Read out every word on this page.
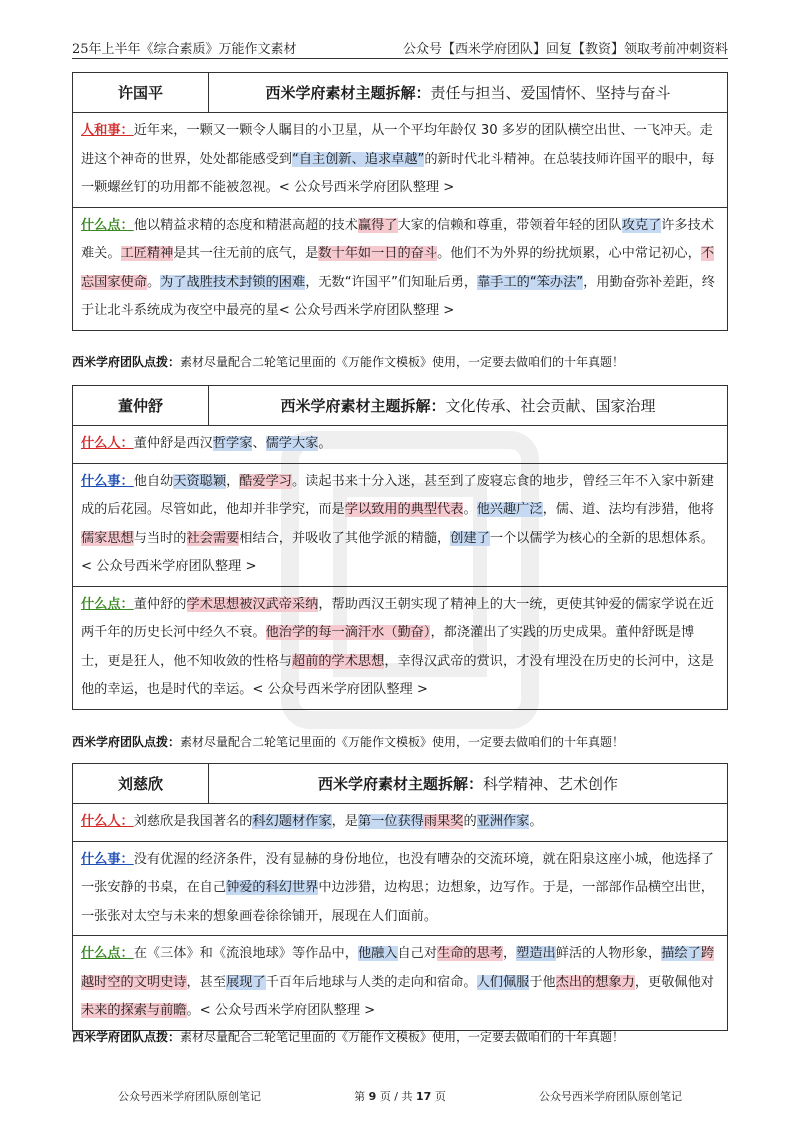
25年上半年《综合素质》万能作文素材	公众号【西米学府团队】回复【教资】领取考前冲刺资料
许国平	西米学府素材主题拆解： 责任与担当、爱国情怀、坚持与奋斗
人和事：近年来，一颗又一颗令人瞩目的小卫星，从一个平均年龄仅 30 多岁的团队横空出世、一飞冲天。走进这个神奇的世界，处处都能感受到“自主创新、追求卓越”的新时代北斗精神。在总装技师许国平的眼中，每一颗螺丝钉的功用都不能被忽视。< 公众号西米学府团队整理 >
什么点：他以精益求精的态度和精湛高超的技术赢得了大家的信赖和尊重，带领着年轻的团队攻克了许多技术难关。工匠精神是其一往无前的底气，是数十年如一日的奋斗。他们不为外界的纷扰烦累，心中常记初心，不忘国家使命。为了战胜技术封锁的困难，无数“许国平”们知耻后勇，靠手工的“笨办法”，用勤奋弥补差距，终于让北斗系统成为夜空中最亮的星< 公众号西米学府团队整理 >
西米学府团队点拨：素材尽量配合二轮笔记里面的《万能作文模板》使用，一定要去做咱们的十年真题！
董仲舒	西米学府素材主题拆解： 文化传承、社会贡献、国家治理
什么人：董仲舒是西汉哲学家、儒学大家。
什么事：他自幼天资聪颖，酷爱学习。读起书来十分入迷，甚至到了废寝忘食的地步，曾经三年不入家中新建成的后花园。尽管如此，他却并非学究，而是学以致用的典型代表。他兴趣广泛，儒、道、法均有涉猎，他将儒家思想与当时的社会需要相结合，并吸收了其他学派的精髓，创建了一个以儒学为核心的全新的思想体系。< 公众号西米学府团队整理 >
什么点：董仲舒的学术思想被汉武帝采纳，帮助西汉王朝实现了精神上的大一统，更使其钟爱的儒家学说在近两千年的历史长河中经久不衰。他治学的每一滴汗水（勤奋），都浇灌出了实践的历史成果。董仲舒既是博士，更是狂人，他不知收敛的性格与超前的学术思想，幸得汉武帝的赏识，才没有埋没在历史的长河中，这是他的幸运，也是时代的幸运。< 公众号西米学府团队整理 >
西米学府团队点拨：素材尽量配合二轮笔记里面的《万能作文模板》使用，一定要去做咱们的十年真题！
刘慈欣	西米学府素材主题拆解： 科学精神、艺术创作
什么人：刘慈欣是我国著名的科幻题材作家，是第一位获得雨果奖的亚洲作家。
什么事：没有优渥的经济条件，没有显赫的身份地位，也没有嘈杂的交流环境，就在阳泉这座小城，他选择了一张安静的书桌，在自己钟爱的科幻世界中边涉猎，边构思；边想象，边写作。于是，一部部作品横空出世，一张张对太空与未来的想象画卷徐徐铺开，展现在人们面前。
什么点：在《三体》和《流浪地球》等作品中，他融入自己对生命的思考，塑造出鲜活的人物形象，描绘了跨越时空的文明史诗，甚至展现了千百年后地球与人类的走向和宿命。人们佩服于他杰出的想象力，更敬佩他对未来的探索与前瞻。< 公众号西米学府团队整理 >
西米学府团队点拨：素材尽量配合二轮笔记里面的《万能作文模板》使用，一定要去做咱们的十年真题！
公众号西米学府团队原创笔记	第 9 页 / 共 17 页	公众号西米学府团队原创笔记
